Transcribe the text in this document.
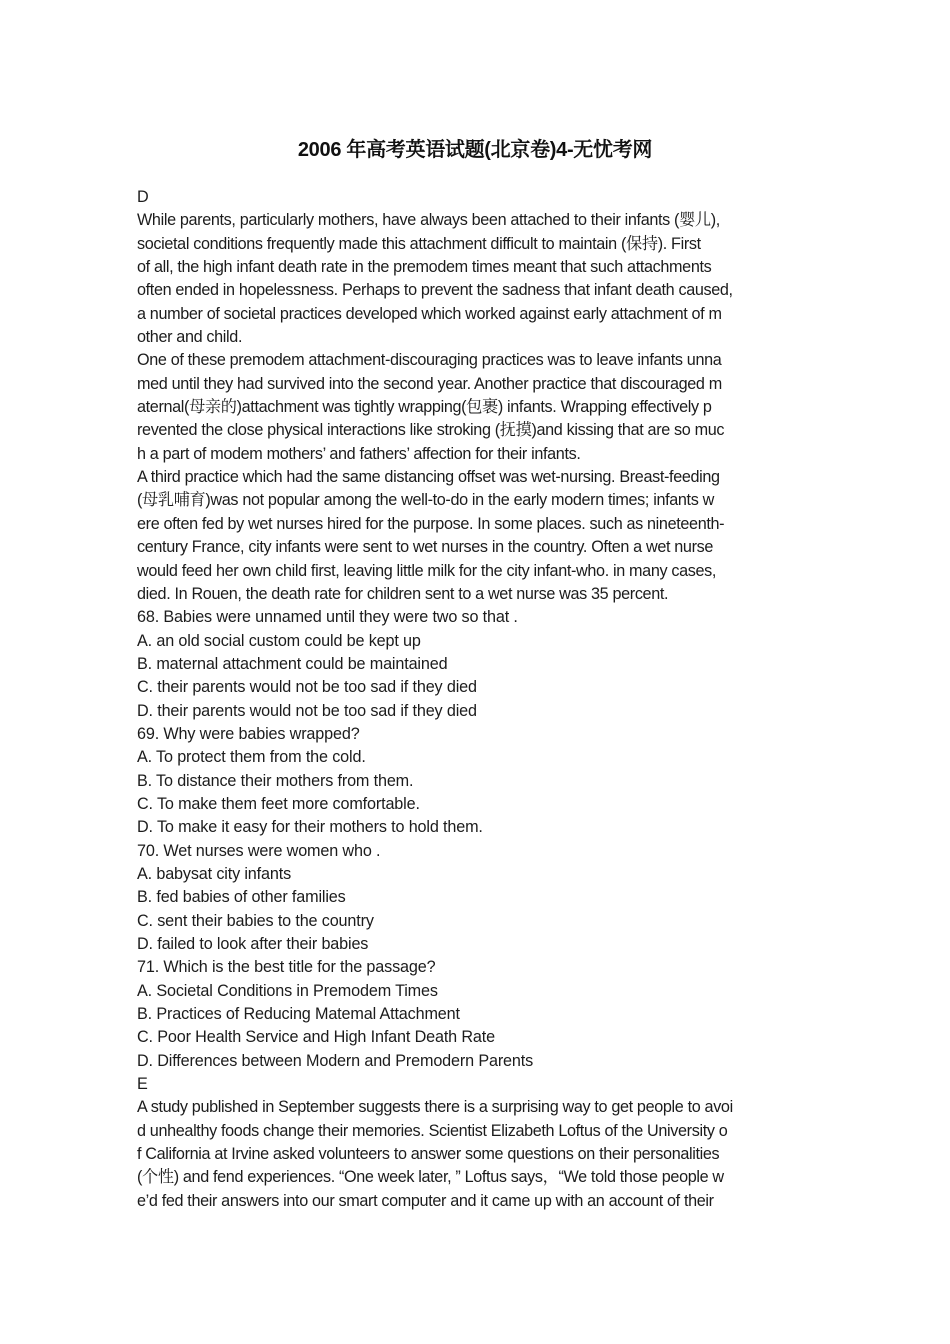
2006 年高考英语试题(北京卷)4-无忧考网
D
While parents, particularly mothers, have always been attached to their infants (婴儿),
societal conditions frequently made this attachment difficult to maintain (保持). First
of all, the high infant death rate in the premodem times meant that such attachments
often ended in hopelessness. Perhaps to prevent the sadness that infant death caused,
a number of societal practices developed which worked against early attachment of m
other and child.
One of these premodem attachment-discouraging practices was to leave infants unna
med until they had survived into the second year. Another practice that discouraged m
aternal(母亲的)attachment was tightly wrapping(包裹) infants. Wrapping effectively p
revented the close physical interactions like stroking (抚摸)and kissing that are so muc
h a part of modem mothers’ and fathers’ affection for their infants.
A third practice which had the same distancing offset was wet-nursing. Breast-feeding
(母乳哺育)was not popular among the well-to-do in the early modern times; infants w
ere often fed by wet nurses hired for the purpose. In some places. such as nineteenth-
century France, city infants were sent to wet nurses in the country. Often a wet nurse
would feed her own child first, leaving little milk for the city infant-who. in many cases,
died. In Rouen, the death rate for children sent to a wet nurse was 35 percent.
68. Babies were unnamed until they were two so that .
A. an old social custom could be kept up
B. maternal attachment could be maintained
C. their parents would not be too sad if they died
D. their parents would not be too sad if they died
69. Why were babies wrapped?
A. To protect them from the cold.
B. To distance their mothers from them.
C. To make them feet more comfortable.
D. To make it easy for their mothers to hold them.
70. Wet nurses were women who .
A. babysat city infants
B. fed babies of other families
C. sent their babies to the country
D. failed to look after their babies
71. Which is the best title for the passage?
A. Societal Conditions in Premodem Times
B. Practices of Reducing Matemal Attachment
C. Poor Health Service and High Infant Death Rate
D. Differences between Modern and Premodern Parents
E
A study published in September suggests there is a surprising way to get people to avoi
d unhealthy foods change their memories. Scientist Elizabeth Loftus of the University o
f California at Irvine asked volunteers to answer some questions on their personalities
(个性) and fend experiences. “One week later, ” Loftus says，“We told those people w
e’d fed their answers into our smart computer and it came up with an account of their
